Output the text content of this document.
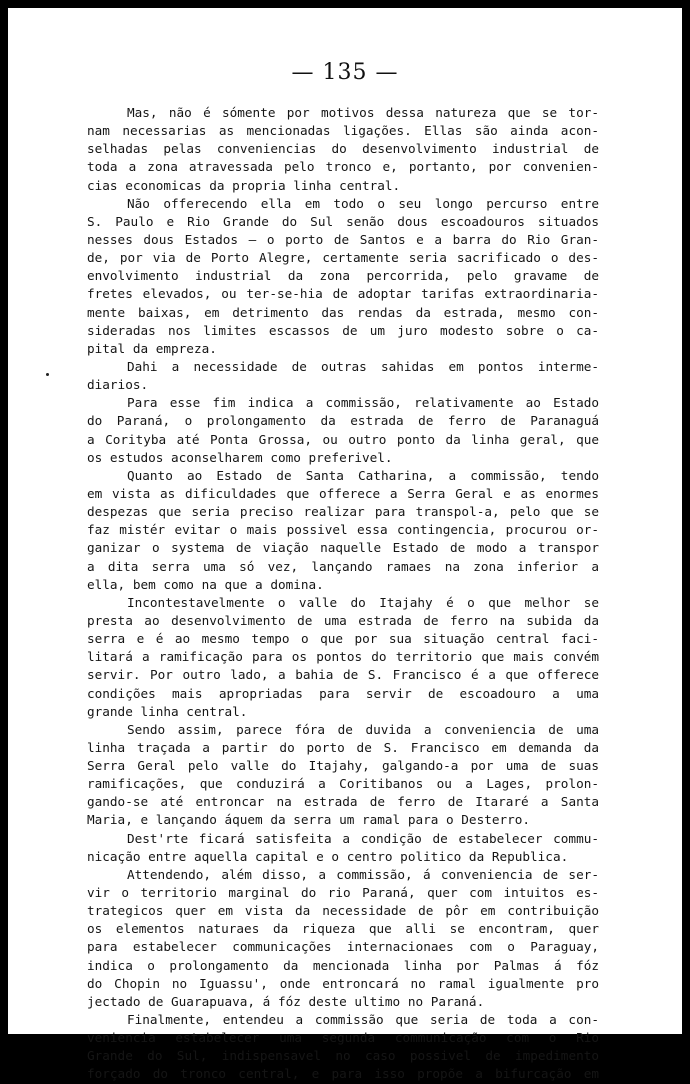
— 135 —
Mas, não é sómente por motivos dessa natureza que se tor-
nam necessarias as mencionadas ligações. Ellas são ainda acon-
selhadas pelas conveniencias do desenvolvimento industrial de
toda a zona atravessada pelo tronco e, portanto, por convenien-
cias economicas da propria linha central.
Não offerecendo ella em todo o seu longo percurso entre
S. Paulo e Rio Grande do Sul senão dous escoadouros situados
nesses dous Estados — o porto de Santos e a barra do Rio Gran-
de, por via de Porto Alegre, certamente seria sacrificado o des-
envolvimento industrial da zona percorrida, pelo gravame de
fretes elevados, ou ter-se-hia de adoptar tarifas extraordinaria-
mente baixas, em detrimento das rendas da estrada, mesmo con-
sideradas nos limites escassos de um juro modesto sobre o ca-
pital da empreza.
Dahi a necessidade de outras sahidas em pontos interme-
diarios.
Para esse fim indica a commissão, relativamente ao Estado
do Paraná, o prolongamento da estrada de ferro de Paranaguá
a Corityba até Ponta Grossa, ou outro ponto da linha geral, que
os estudos aconselharem como preferivel.
Quanto ao Estado de Santa Catharina, a commissão, tendo
em vista as dificuldades que offerece a Serra Geral e as enormes
despezas que seria preciso realizar para transpol-a, pelo que se
faz mistér evitar o mais possivel essa contingencia, procurou or-
ganizar o systema de viação naquelle Estado de modo a transpor
a dita serra uma só vez, lançando ramaes na zona inferior a
ella, bem como na que a domina.
Incontestavelmente o valle do Itajahy é o que melhor se
presta ao desenvolvimento de uma estrada de ferro na subida da
serra e é ao mesmo tempo o que por sua situação central faci-
litará a ramificação para os pontos do territorio que mais convém
servir. Por outro lado, a bahia de S. Francisco é a que offerece
condições mais apropriadas para servir de escoadouro a uma
grande linha central.
Sendo assim, parece fóra de duvida a conveniencia de uma
linha traçada a partir do porto de S. Francisco em demanda da
Serra Geral pelo valle do Itajahy, galgando-a por uma de suas
ramificações, que conduzirá a Coritibanos ou a Lages, prolon-
gando-se até entroncar na estrada de ferro de Itararé a Santa
Maria, e lançando áquem da serra um ramal para o Desterro.
Dest'rte ficará satisfeita a condição de estabelecer commu-
nicação entre aquella capital e o centro politico da Republica.
Attendendo, além disso, a commissão, á conveniencia de ser-
vir o territorio marginal do rio Paraná, quer com intuitos es-
trategicos quer em vista da necessidade de pôr em contribuição
os elementos naturaes da riqueza que alli se encontram, quer
para estabelecer communicações internacionaes com o Paraguay,
indica o prolongamento da mencionada linha por Palmas á fóz
do Chopin no Iguassu', onde entroncará no ramal igualmente pro
jectado de Guarapuava, á fóz deste ultimo no Paraná.
Finalmente, entendeu a commissão que seria de toda a con-
veniencia estabelecer uma segunda communicação com o Rio
Grande do Sul, indispensavel no caso possivel de impedimento
forçado do tronco central, e para isso propõe a bifurcação em
